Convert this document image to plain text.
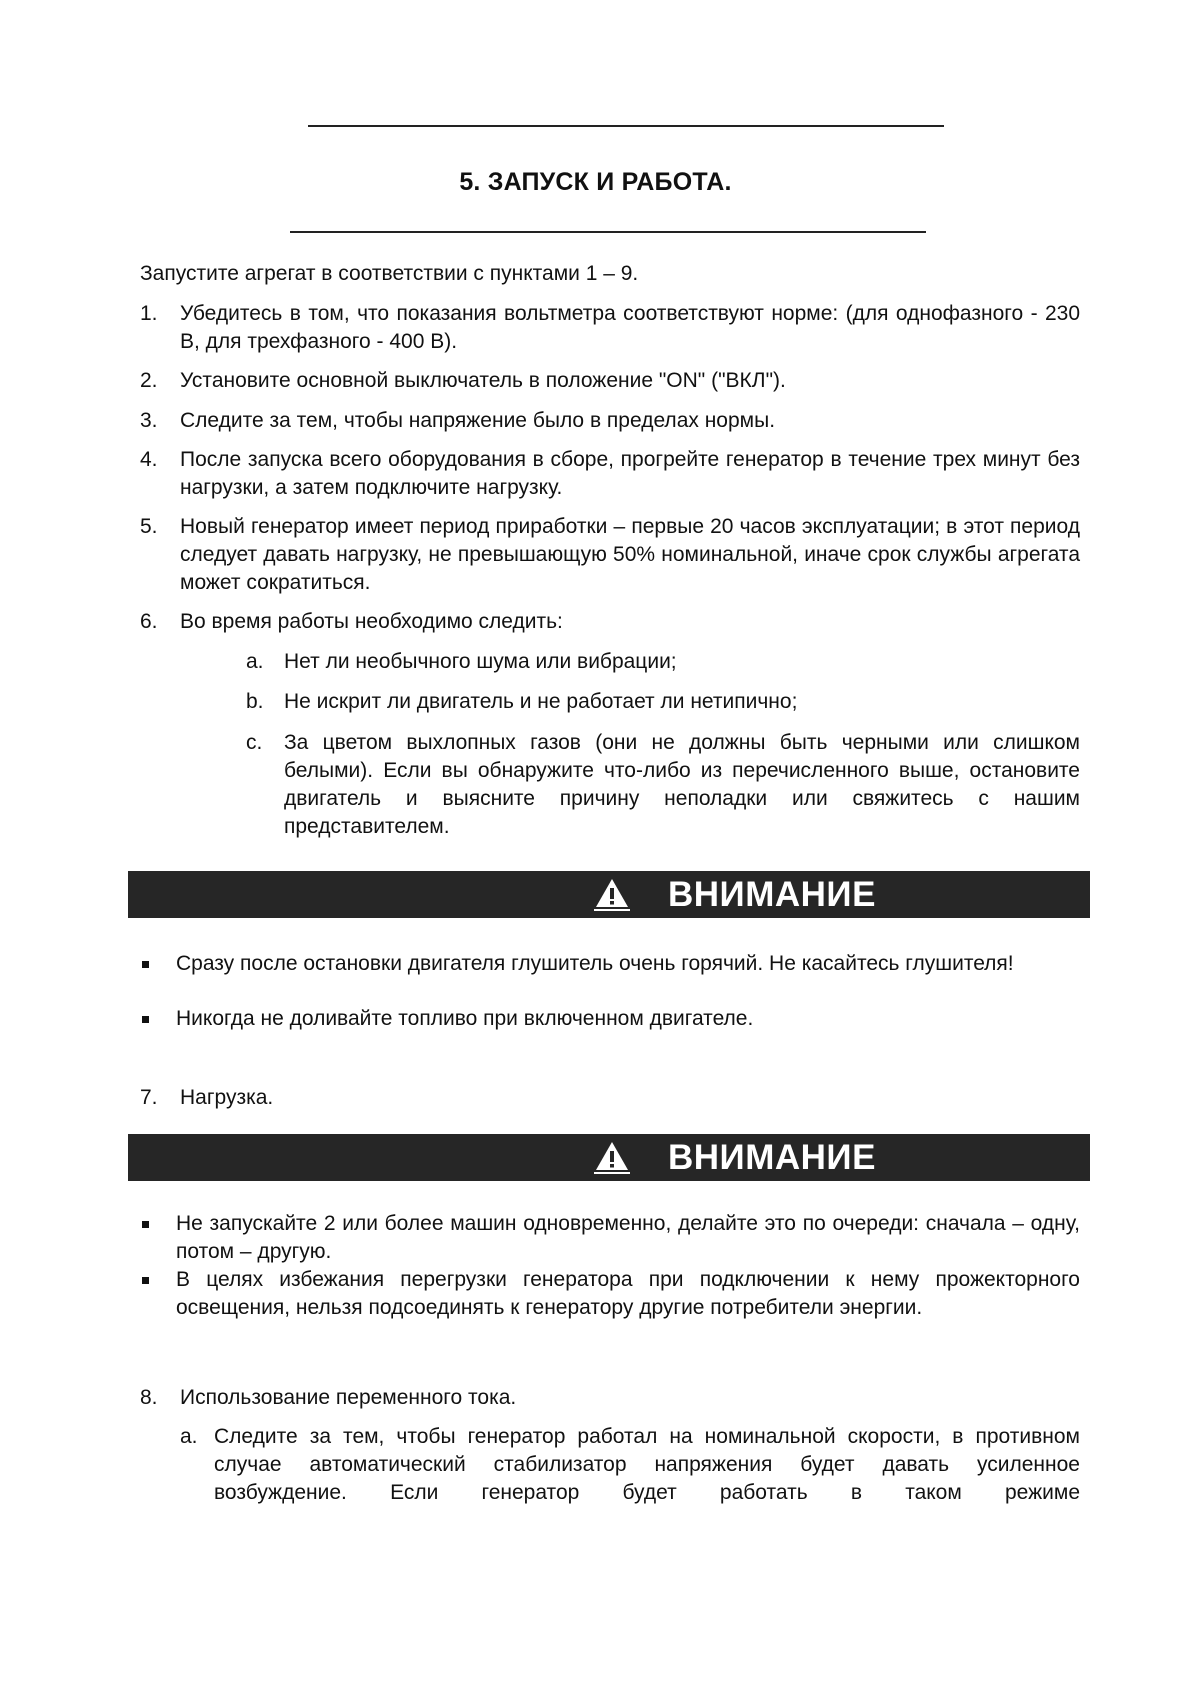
5. ЗАПУСК И РАБОТА.
Запустите агрегат в соответствии с пунктами 1 – 9.
1. Убедитесь в том, что показания вольтметра соответствуют норме: (для однофазного - 230 В, для трехфазного - 400 В).
2. Установите основной выключатель в положение "ON" ("ВКЛ").
3. Следите за тем, чтобы напряжение было в пределах нормы.
4. После запуска всего оборудования в сборе, прогрейте генератор в течение трех минут без нагрузки, а затем подключите нагрузку.
5. Новый генератор имеет период приработки – первые 20 часов эксплуатации; в этот период следует давать нагрузку, не превышающую 50% номинальной, иначе срок службы агрегата может сократиться.
6. Во время работы необходимо следить:
a. Нет ли необычного шума или вибрации;
b. Не искрит ли двигатель и не работает ли нетипично;
c. За цветом выхлопных газов (они не должны быть черными или слишком белыми). Если вы обнаружите что-либо из перечисленного выше, остановите двигатель и выясните причину неполадки или свяжитесь с нашим представителем.
ВНИМАНИЕ
Сразу после остановки двигателя глушитель очень горячий. Не касайтесь глушителя!
Никогда не доливайте топливо при включенном двигателе.
7. Нагрузка.
ВНИМАНИЕ
Не запускайте 2 или более машин одновременно, делайте это по очереди: сначала – одну, потом – другую.
В целях избежания перегрузки генератора при подключении к нему прожекторного освещения, нельзя подсоединять к генератору другие потребители энергии.
8. Использование переменного тока.
a. Следите за тем, чтобы генератор работал на номинальной скорости, в противном случае автоматический стабилизатор напряжения будет давать усиленное возбуждение. Если генератор будет работать в таком режиме
